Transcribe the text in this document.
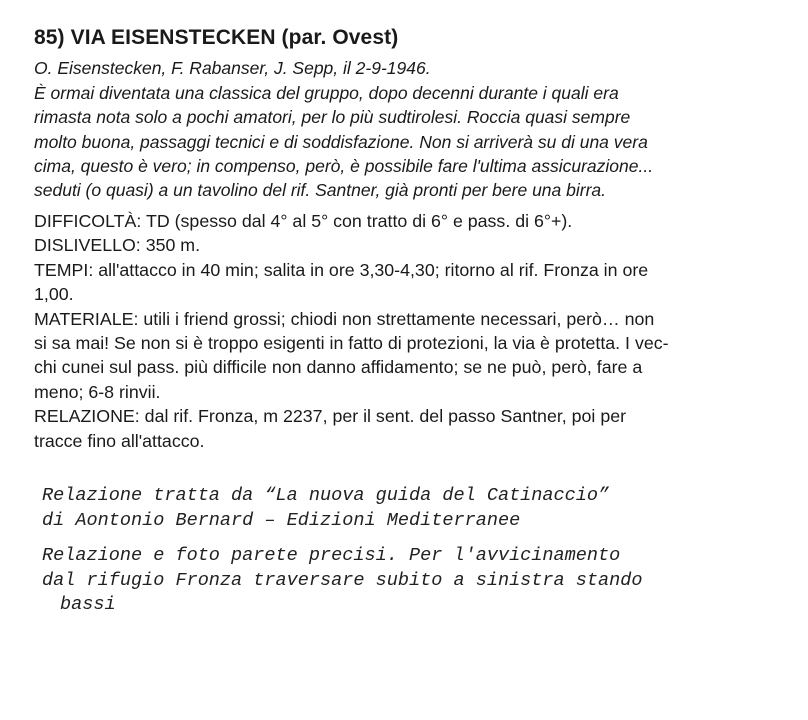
85) VIA EISENSTECKEN (par. Ovest)
O. Eisenstecken, F. Rabanser, J. Sepp, il 2-9-1946.
È ormai diventata una classica del gruppo, dopo decenni durante i quali era
rimasta nota solo a pochi amatori, per lo più sudtirolesi. Roccia quasi sempre
molto buona, passaggi tecnici e di soddisfazione. Non si arriverà su di una vera
cima, questo è vero; in compenso, però, è possibile fare l'ultima assicurazione...
seduti (o quasi) a un tavolino del rif. Santner, già pronti per bere una birra.
DIFFICOLTÀ: TD (spesso dal 4° al 5° con tratto di 6° e pass. di 6°+).
DISLIVELLO: 350 m.
TEMPI: all'attacco in 40 min; salita in ore 3,30-4,30; ritorno al rif. Fronza in ore
1,00.
MATERIALE: utili i friend grossi; chiodi non strettamente necessari, però… non
si sa mai! Se non si è troppo esigenti in fatto di protezioni, la via è protetta. I vec-
chi cunei sul pass. più difficile non danno affidamento; se ne può, però, fare a
meno; 6-8 rinvii.
RELAZIONE: dal rif. Fronza, m 2237, per il sent. del passo Santner, poi per
tracce fino all'attacco.
Relazione tratta da “La nuova guida del Catinaccio”
di Aontonio Bernard – Edizioni Mediterranee
Relazione e foto parete precisi. Per l'avvicinamento
dal rifugio Fronza traversare subito a sinistra stando
bassi
